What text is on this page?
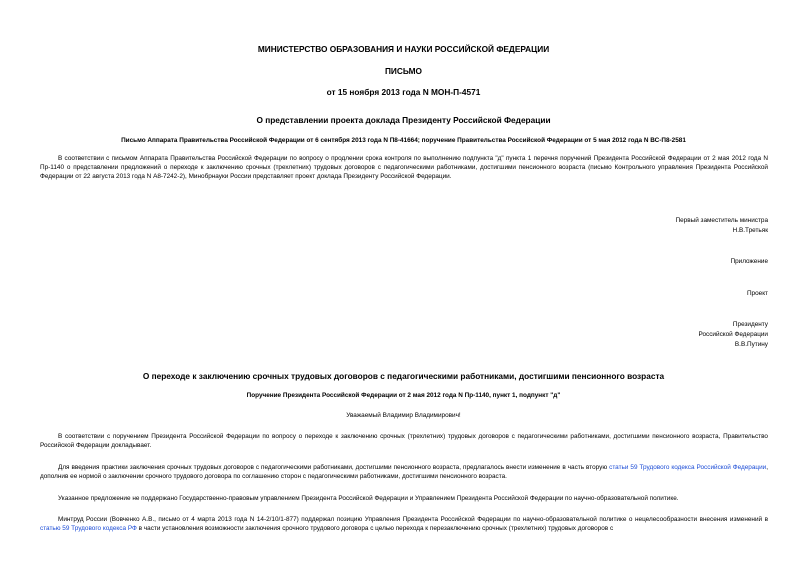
МИНИСТЕРСТВО ОБРАЗОВАНИЯ И НАУКИ РОССИЙСКОЙ ФЕДЕРАЦИИ
ПИСЬМО
от 15 ноября 2013 года N МОН-П-4571
О представлении проекта доклада Президенту Российской Федерации
Письмо Аппарата Правительства Российской Федерации от 6 сентября 2013 года N П8-41664; поручение Правительства Российской Федерации от 5 мая 2012 года N ВС-П8-2581
В соответствии с письмом Аппарата Правительства Российской Федерации по вопросу о продлении срока контроля по выполнению подпункта "д" пункта 1 перечня поручений Президента Российской Федерации от 2 мая 2012 года N Пр-1140 о представлении предложений о переходе к заключению срочных (трехлетних) трудовых договоров с педагогическими работниками, достигшими пенсионного возраста (письмо Контрольного управления Президента Российской Федерации от 22 августа 2013 года N А8-7242-2), Минобрнауки России представляет проект доклада Президенту Российской Федерации.
Первый заместитель министра
Н.В.Третьяк
Приложение
Проект
Президенту
Российской Федерации
В.В.Путину
О переходе к заключению срочных трудовых договоров с педагогическими работниками, достигшими пенсионного возраста
Поручение Президента Российской Федерации от 2 мая 2012 года N Пр-1140, пункт 1, подпункт "д"
Уважаемый Владимир Владимирович!
В соответствии с поручением Президента Российской Федерации по вопросу о переходе к заключению срочных (трехлетних) трудовых договоров с педагогическими работниками, достигшими пенсионного возраста, Правительство Российской Федерации докладывает.
Для введения практики заключения срочных трудовых договоров с педагогическими работниками, достигшими пенсионного возраста, предлагалось внести изменение в часть вторую статьи 59 Трудового кодекса Российской Федерации, дополнив ее нормой о заключении срочного трудового договора по соглашению сторон с педагогическими работниками, достигшими пенсионного возраста.
Указанное предложение не поддержано Государственно-правовым управлением Президента Российской Федерации и Управлением Президента Российской Федерации по научно-образовательной политике.
Минтруд России (Вовченко А.В., письмо от 4 марта 2013 года N 14-2/10/1-877) поддержал позицию Управления Президента Российской Федерации по научно-образовательной политике о нецелесообразности внесения изменений в статью 59 Трудового кодекса РФ в части установления возможности заключения срочного трудового договора с целью перехода к перезаключению срочных (трехлетних) трудовых договоров с
